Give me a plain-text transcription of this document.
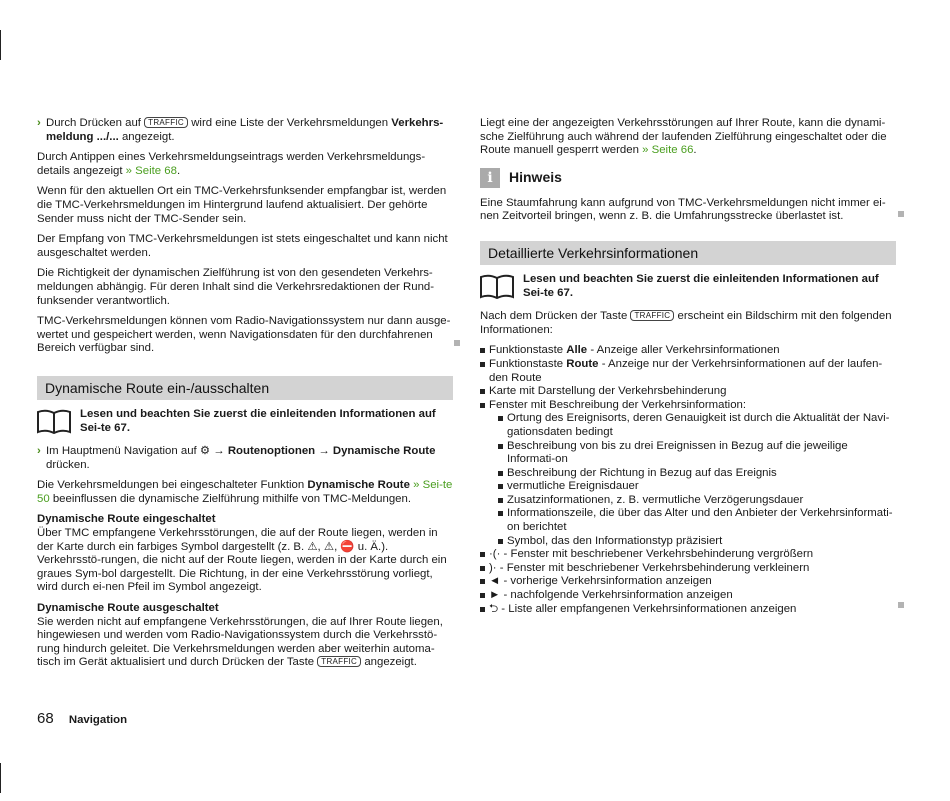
› Durch Drücken auf TRAFFIC wird eine Liste der Verkehrsmeldungen Verkehrs-meldung .../... angezeigt.

Durch Antippen eines Verkehrsmeldungseintrags werden Verkehrsmeldungs-details angezeigt » Seite 68.

Wenn für den aktuellen Ort ein TMC-Verkehrsfunksender empfangbar ist, werden die TMC-Verkehrsmeldungen im Hintergrund laufend aktualisiert. Der gehörte Sender muss nicht der TMC-Sender sein.

Der Empfang von TMC-Verkehrsmeldungen ist stets eingeschaltet und kann nicht ausgeschaltet werden.

Die Richtigkeit der dynamischen Zielführung ist von den gesendeten Verkehrs-meldungen abhängig. Für deren Inhalt sind die Verkehrsredaktionen der Rund-funksender verantwortlich.

TMC-Verkehrsmeldungen können vom Radio-Navigationssystem nur dann ausge-wertet und gespeichert werden, wenn Navigationsdaten für den durchfahrenen Bereich verfügbar sind.

Dynamische Route ein-/ausschalten
Lesen und beachten Sie zuerst die einleitenden Informationen auf Sei-te 67.
› Im Hauptmenü Navigation auf ⚙ → Routenoptionen → Dynamische Route drücken.

Die Verkehrsmeldungen bei eingeschalteter Funktion Dynamische Route » Sei-te 50 beeinflussen die dynamische Zielführung mithilfe von TMC-Meldungen.

Dynamische Route eingeschaltet

Über TMC empfangene Verkehrsstörungen, die auf der Route liegen, werden in der Karte durch ein farbiges Symbol dargestellt (z. B. ⚠, ⚠, ⛔ u. Ä.). Verkehrsstö-rungen, die nicht auf der Route liegen, werden in der Karte durch ein graues Sym-bol dargestellt. Die Richtung, in der eine Verkehrsstörung vorliegt, wird durch ei-nen Pfeil im Symbol angezeigt.

Dynamische Route ausgeschaltet

Sie werden nicht auf empfangene Verkehrsstörungen, die auf Ihrer Route liegen, hingewiesen und werden vom Radio-Navigationssystem durch die Verkehrsstö-rung hindurch geleitet. Die Verkehrsmeldungen werden aber weiterhin automa-tisch im Gerät aktualisiert und durch Drücken der Taste TRAFFIC angezeigt.

Liegt eine der angezeigten Verkehrsstörungen auf Ihrer Route, kann die dynami-sche Zielführung auch während der laufenden Zielführung eingeschaltet oder die Route manuell gesperrt werden » Seite 66.

i	Hinweis

Eine Staumfahrung kann aufgrund von TMC-Verkehrsmeldungen nicht immer ei-nen Zeitvorteil bringen, wenn z. B. die Umfahrungsstrecke überlastet ist.

Detaillierte Verkehrsinformationen
Lesen und beachten Sie zuerst die einleitenden Informationen auf Sei-te 67.

Nach dem Drücken der Taste TRAFFIC erscheint ein Bildschirm mit den folgenden Informationen:

Funktionstaste Alle - Anzeige aller Verkehrsinformationen
Funktionstaste Route - Anzeige nur der Verkehrsinformationen auf der laufen-den Route
Karte mit Darstellung der Verkehrsbehinderung
Fenster mit Beschreibung der Verkehrsinformation:
Ortung des Ereignisorts, deren Genauigkeit ist durch die Aktualität der Navi-gationsdaten bedingt
Beschreibung von bis zu drei Ereignissen in Bezug auf die jeweilige Informati-on
Beschreibung der Richtung in Bezug auf das Ereignis
vermutliche Ereignisdauer
Zusatzinformationen, z. B. vermutliche Verzögerungsdauer
Informationszeile, die über das Alter und den Anbieter der Verkehrsinformati-on berichtet
Symbol, das den Informationstyp präzisiert
·(· - Fenster mit beschriebener Verkehrsbehinderung vergrößern
)· - Fenster mit beschriebener Verkehrsbehinderung verkleinern
◄ - vorherige Verkehrsinformation anzeigen
► - nachfolgende Verkehrsinformation anzeigen
⮌ - Liste aller empfangenen Verkehrsinformationen anzeigen
68 Navigation
